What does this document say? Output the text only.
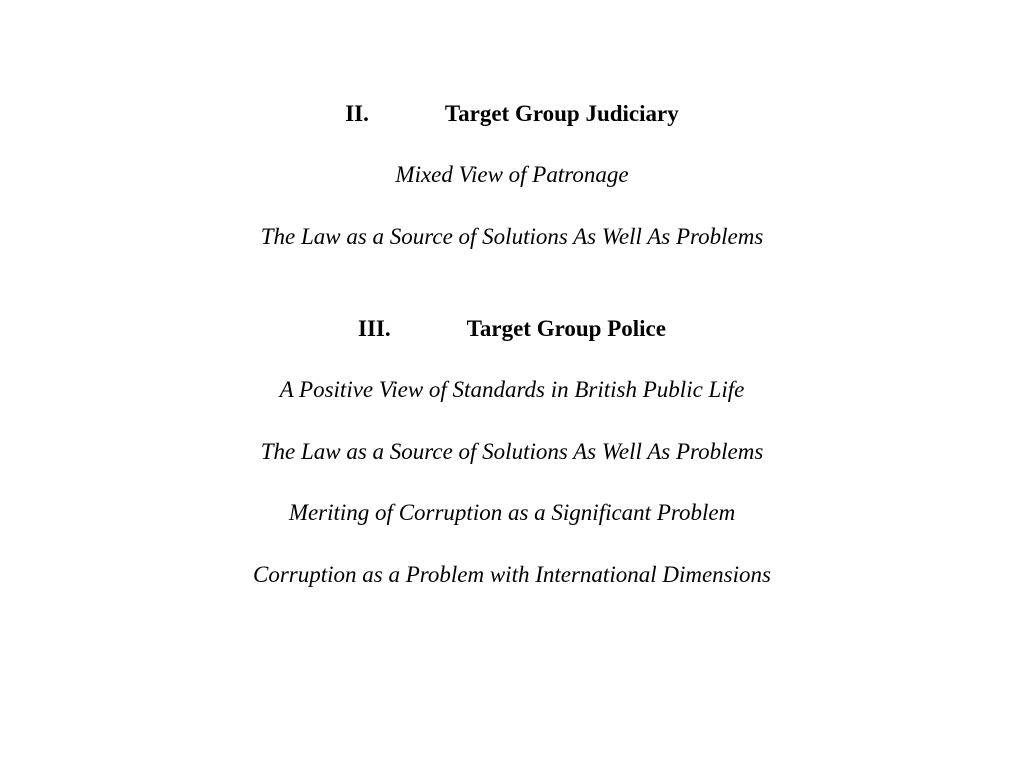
II.	Target Group Judiciary
Mixed View of Patronage
The Law as a Source of Solutions As Well As Problems
III.	Target Group Police
A Positive View of Standards in British Public Life
The Law as a Source of Solutions As Well As Problems
Meriting of Corruption as a Significant Problem
Corruption as a Problem with International Dimensions
